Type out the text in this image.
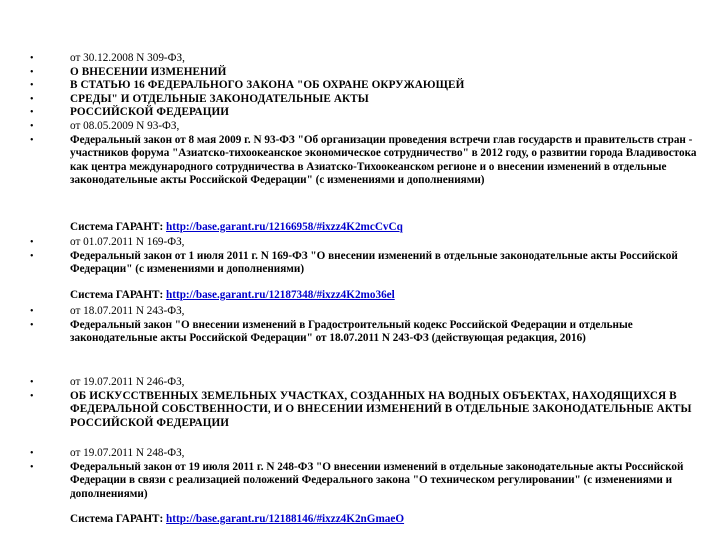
•	от 30.12.2008 N 309-ФЗ,
•	О ВНЕСЕНИИ ИЗМЕНЕНИЙ
•	В СТАТЬЮ 16 ФЕДЕРАЛЬНОГО ЗАКОНА "ОБ ОХРАНЕ ОКРУЖАЮЩЕЙ
•	СРЕДЫ" И ОТДЕЛЬНЫЕ ЗАКОНОДАТЕЛЬНЫЕ АКТЫ
•	РОССИЙСКОЙ ФЕДЕРАЦИИ
•	от 08.05.2009 N 93-ФЗ,
•	Федеральный закон от 8 мая 2009 г. N 93-ФЗ "Об организации проведения встречи глав государств и правительств стран - участников форума "Азиатско-тихоокеанское экономическое сотрудничество" в 2012 году, о развитии города Владивостока как центра международного сотрудничества в Азиатско-Тихоокеанском регионе и о внесении изменений в отдельные законодательные акты Российской Федерации" (с изменениями и дополнениями)
Система ГАРАНТ: http://base.garant.ru/12166958/#ixzz4K2mcCvCq
•	от 01.07.2011 N 169-ФЗ,
•	Федеральный закон от 1 июля 2011 г. N 169-ФЗ "О внесении изменений в отдельные законодательные акты Российской Федерации" (с изменениями и дополнениями)
Система ГАРАНТ: http://base.garant.ru/12187348/#ixzz4K2mo36el
•	от 18.07.2011 N 243-ФЗ,
•	Федеральный закон "О внесении изменений в Градостроительный кодекс Российской Федерации и отдельные законодательные акты Российской Федерации" от 18.07.2011 N 243-ФЗ (действующая редакция, 2016)
•	от 19.07.2011 N 246-ФЗ,
•	ОБ ИСКУССТВЕННЫХ ЗЕМЕЛЬНЫХ УЧАСТКАХ, СОЗДАННЫХ НА ВОДНЫХ ОБЪЕКТАХ, НАХОДЯЩИХСЯ В ФЕДЕРАЛЬНОЙ СОБСТВЕННОСТИ, И О ВНЕСЕНИИ ИЗМЕНЕНИЙ В ОТДЕЛЬНЫЕ ЗАКОНОДАТЕЛЬНЫЕ АКТЫ РОССИЙСКОЙ ФЕДЕРАЦИИ
•	от 19.07.2011 N 248-ФЗ,
•	Федеральный закон от 19 июля 2011 г. N 248-ФЗ "О внесении изменений в отдельные законодательные акты Российской Федерации в связи с реализацией положений Федерального закона "О техническом регулировании" (с изменениями и дополнениями)
Система ГАРАНТ: http://base.garant.ru/12188146/#ixzz4K2nGmaeO
